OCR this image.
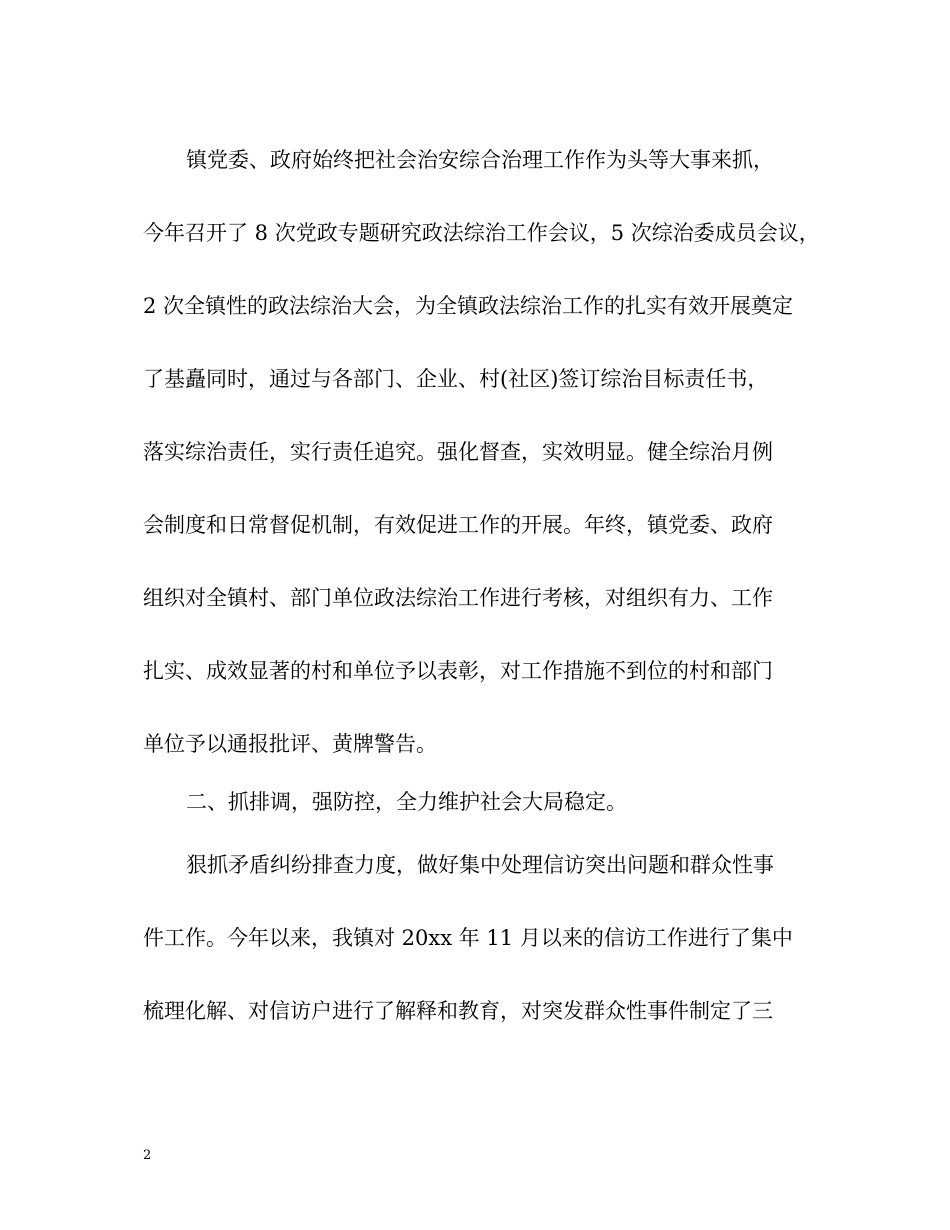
镇党委、政府始终把社会治安综合治理工作作为头等大事来抓，
今年召开了 8 次党政专题研究政法综治工作会议，5 次综治委成员会议，
2 次全镇性的政法综治大会，为全镇政法综治工作的扎实有效开展奠定
了基矗同时，通过与各部门、企业、村(社区)签订综治目标责任书，
落实综治责任，实行责任追究。强化督查，实效明显。健全综治月例
会制度和日常督促机制，有效促进工作的开展。年终，镇党委、政府
组织对全镇村、部门单位政法综治工作进行考核，对组织有力、工作
扎实、成效显著的村和单位予以表彰，对工作措施不到位的村和部门
单位予以通报批评、黄牌警告。
二、抓排调，强防控，全力维护社会大局稳定。
狠抓矛盾纠纷排查力度，做好集中处理信访突出问题和群众性事
件工作。今年以来，我镇对 20xx 年 11 月以来的信访工作进行了集中
梳理化解、对信访户进行了解释和教育，对突发群众性事件制定了三
2
